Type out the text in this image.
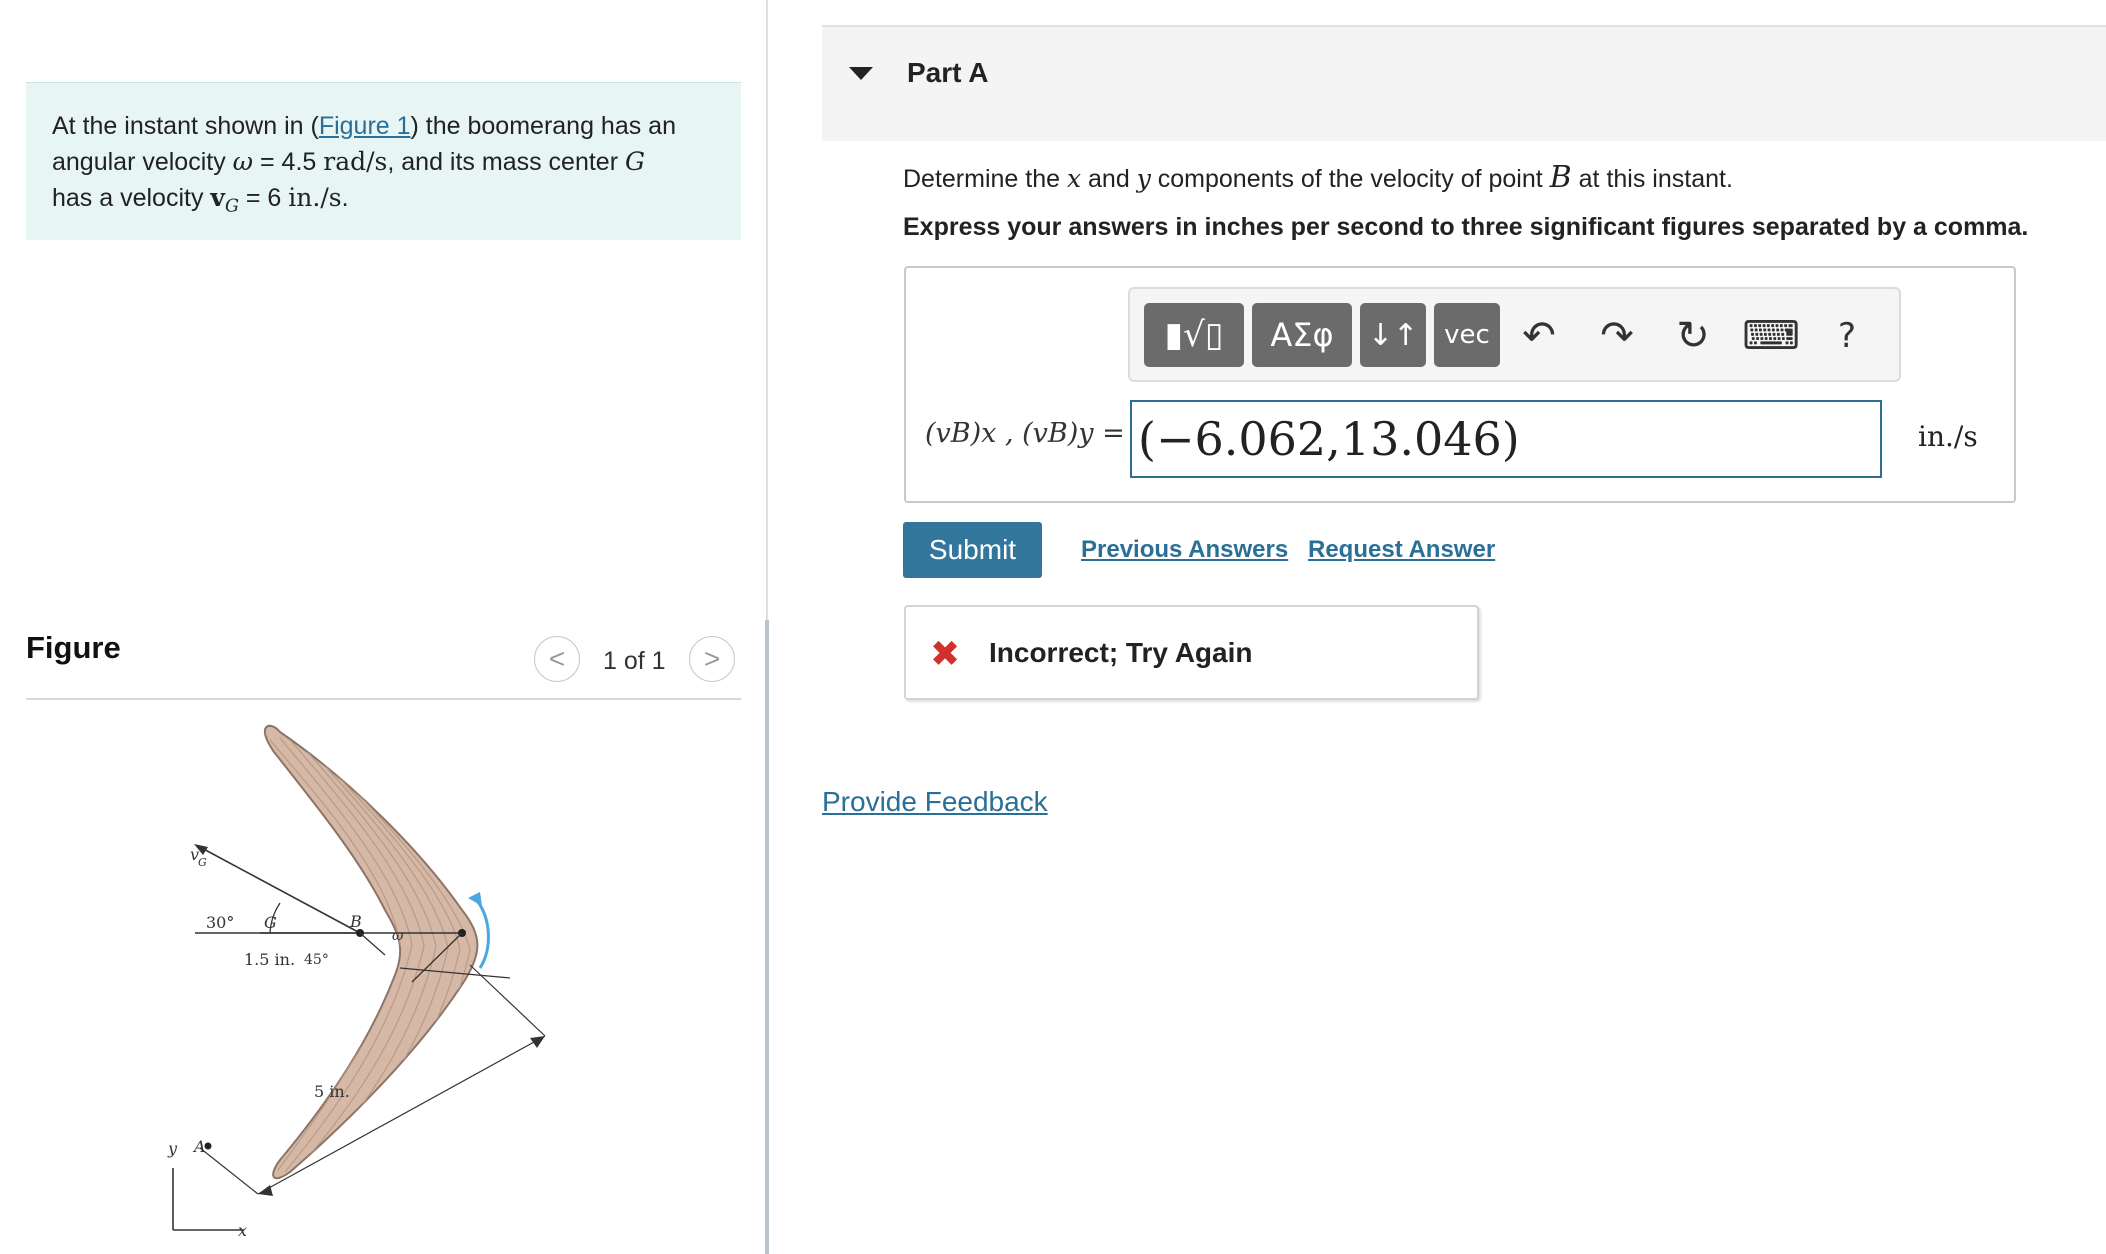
At the instant shown in (Figure 1) the boomerang has an
angular velocity ω = 4.5 rad/s, and its mass center G
has a velocity $v_G = 6$ in./s.
Figure	< 1 of 1 >
v
G
30° G	B
ω
1.5 in. 45°
5 in.
A
y
x
Part A
Determine the x and y components of the velocity of point B at this instant.
Express your answers in inches per second to three significant figures separated by a comma.
▮√▯ ΑΣφ ↓↑ vec ↶ ↷ ↻ ⌨	?
(vB)x , (vB)y = (−6.062,13.046)	in./s
Submit	Previous Answers Request Answer
✖ Incorrect; Try Again
Provide Feedback
